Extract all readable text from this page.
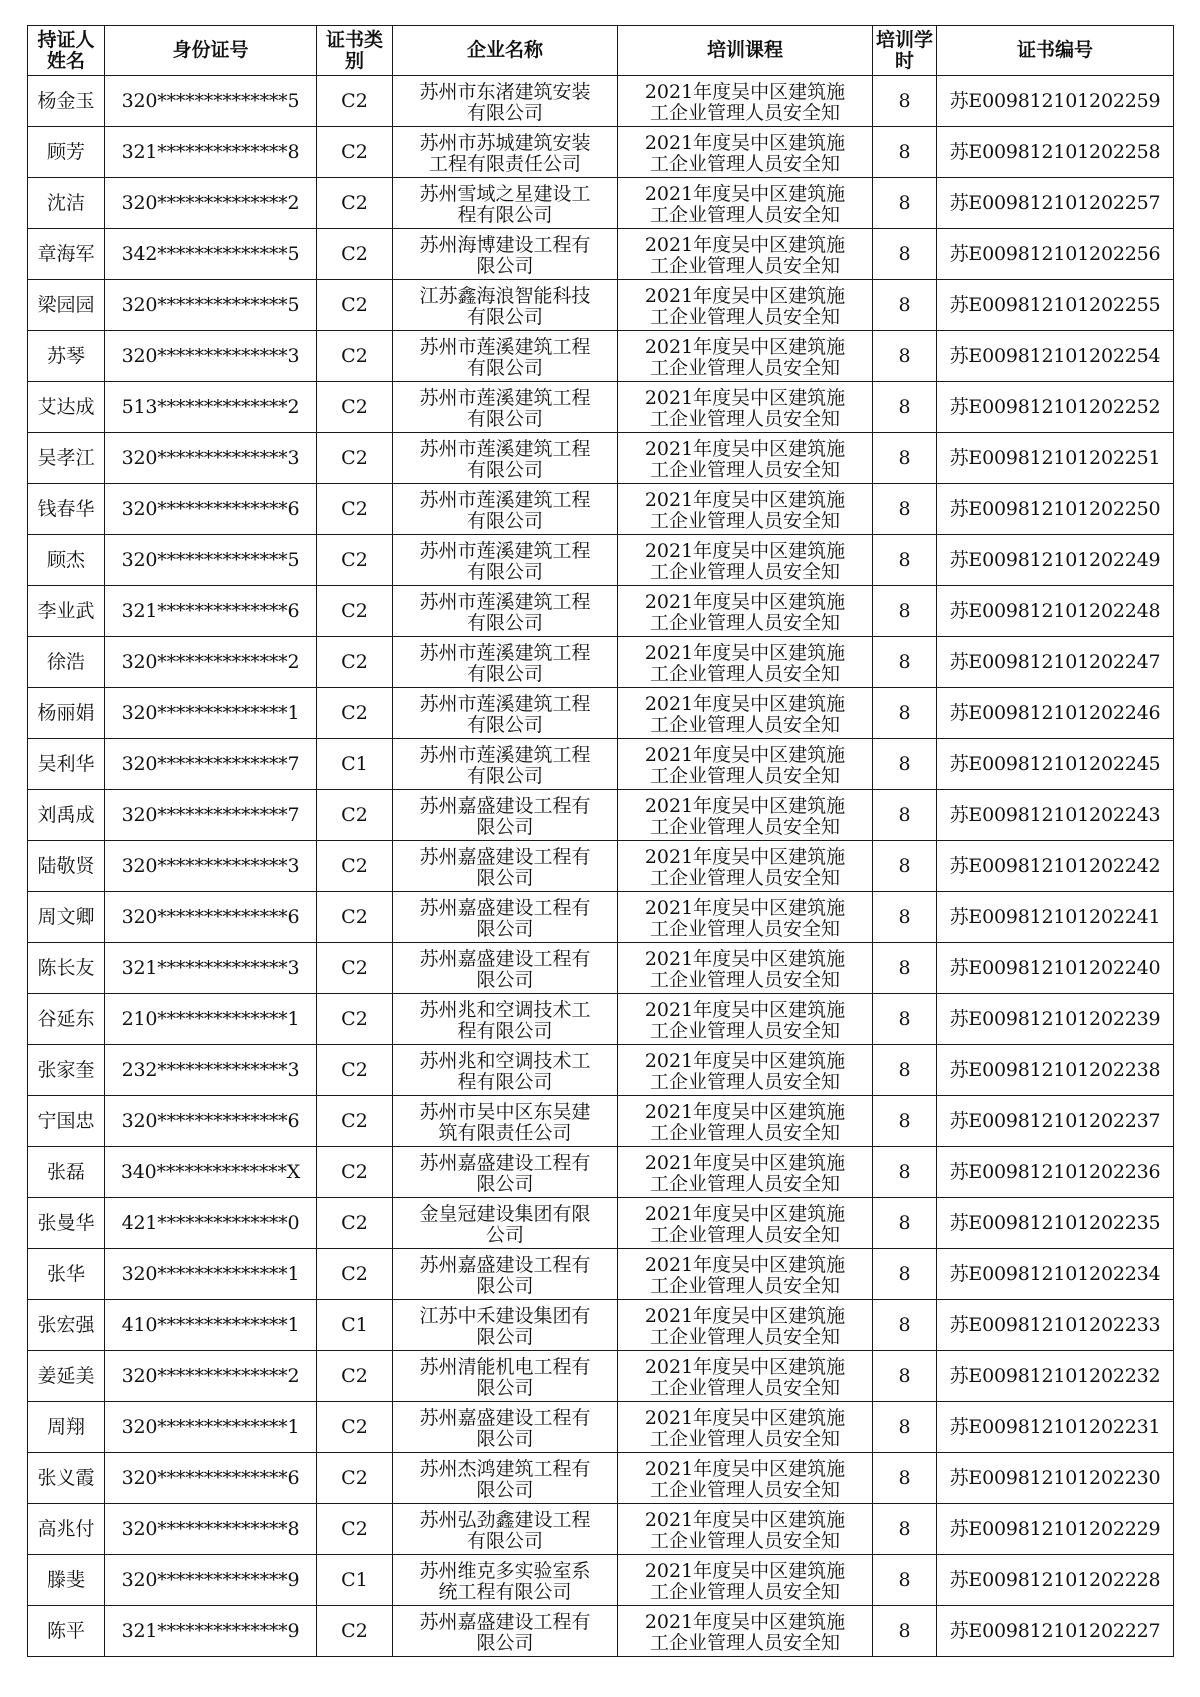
持证人姓名	身份证号	证书类别	企业名称	培训课程	培训学时	证书编号
杨金玉	320**************5	C2	苏州市东渚建筑安装有限公司	2021年度吴中区建筑施工企业管理人员安全知	8	苏E009812101202259
顾芳	321**************8	C2	苏州市苏城建筑安装工程有限责任公司	2021年度吴中区建筑施工企业管理人员安全知	8	苏E009812101202258
沈洁	320**************2	C2	苏州雪域之星建设工程有限公司	2021年度吴中区建筑施工企业管理人员安全知	8	苏E009812101202257
章海军	342**************5	C2	苏州海博建设工程有限公司	2021年度吴中区建筑施工企业管理人员安全知	8	苏E009812101202256
梁园园	320**************5	C2	江苏鑫海浪智能科技有限公司	2021年度吴中区建筑施工企业管理人员安全知	8	苏E009812101202255
苏琴	320**************3	C2	苏州市莲溪建筑工程有限公司	2021年度吴中区建筑施工企业管理人员安全知	8	苏E009812101202254
艾达成	513**************2	C2	苏州市莲溪建筑工程有限公司	2021年度吴中区建筑施工企业管理人员安全知	8	苏E009812101202252
吴孝江	320**************3	C2	苏州市莲溪建筑工程有限公司	2021年度吴中区建筑施工企业管理人员安全知	8	苏E009812101202251
钱春华	320**************6	C2	苏州市莲溪建筑工程有限公司	2021年度吴中区建筑施工企业管理人员安全知	8	苏E009812101202250
顾杰	320**************5	C2	苏州市莲溪建筑工程有限公司	2021年度吴中区建筑施工企业管理人员安全知	8	苏E009812101202249
李业武	321**************6	C2	苏州市莲溪建筑工程有限公司	2021年度吴中区建筑施工企业管理人员安全知	8	苏E009812101202248
徐浩	320**************2	C2	苏州市莲溪建筑工程有限公司	2021年度吴中区建筑施工企业管理人员安全知	8	苏E009812101202247
杨丽娟	320**************1	C2	苏州市莲溪建筑工程有限公司	2021年度吴中区建筑施工企业管理人员安全知	8	苏E009812101202246
吴利华	320**************7	C1	苏州市莲溪建筑工程有限公司	2021年度吴中区建筑施工企业管理人员安全知	8	苏E009812101202245
刘禹成	320**************7	C2	苏州嘉盛建设工程有限公司	2021年度吴中区建筑施工企业管理人员安全知	8	苏E009812101202243
陆敬贤	320**************3	C2	苏州嘉盛建设工程有限公司	2021年度吴中区建筑施工企业管理人员安全知	8	苏E009812101202242
周文卿	320**************6	C2	苏州嘉盛建设工程有限公司	2021年度吴中区建筑施工企业管理人员安全知	8	苏E009812101202241
陈长友	321**************3	C2	苏州嘉盛建设工程有限公司	2021年度吴中区建筑施工企业管理人员安全知	8	苏E009812101202240
谷延东	210**************1	C2	苏州兆和空调技术工程有限公司	2021年度吴中区建筑施工企业管理人员安全知	8	苏E009812101202239
张家奎	232**************3	C2	苏州兆和空调技术工程有限公司	2021年度吴中区建筑施工企业管理人员安全知	8	苏E009812101202238
宁国忠	320**************6	C2	苏州市吴中区东吴建筑有限责任公司	2021年度吴中区建筑施工企业管理人员安全知	8	苏E009812101202237
张磊	340**************X	C2	苏州嘉盛建设工程有限公司	2021年度吴中区建筑施工企业管理人员安全知	8	苏E009812101202236
张曼华	421**************0	C2	金皇冠建设集团有限公司	2021年度吴中区建筑施工企业管理人员安全知	8	苏E009812101202235
张华	320**************1	C2	苏州嘉盛建设工程有限公司	2021年度吴中区建筑施工企业管理人员安全知	8	苏E009812101202234
张宏强	410**************1	C1	江苏中禾建设集团有限公司	2021年度吴中区建筑施工企业管理人员安全知	8	苏E009812101202233
姜延美	320**************2	C2	苏州清能机电工程有限公司	2021年度吴中区建筑施工企业管理人员安全知	8	苏E009812101202232
周翔	320**************1	C2	苏州嘉盛建设工程有限公司	2021年度吴中区建筑施工企业管理人员安全知	8	苏E009812101202231
张义霞	320**************6	C2	苏州杰鸿建筑工程有限公司	2021年度吴中区建筑施工企业管理人员安全知	8	苏E009812101202230
高兆付	320**************8	C2	苏州弘劲鑫建设工程有限公司	2021年度吴中区建筑施工企业管理人员安全知	8	苏E009812101202229
滕斐	320**************9	C1	苏州维克多实验室系统工程有限公司	2021年度吴中区建筑施工企业管理人员安全知	8	苏E009812101202228
陈平	321**************9	C2	苏州嘉盛建设工程有限公司	2021年度吴中区建筑施工企业管理人员安全知	8	苏E009812101202227
